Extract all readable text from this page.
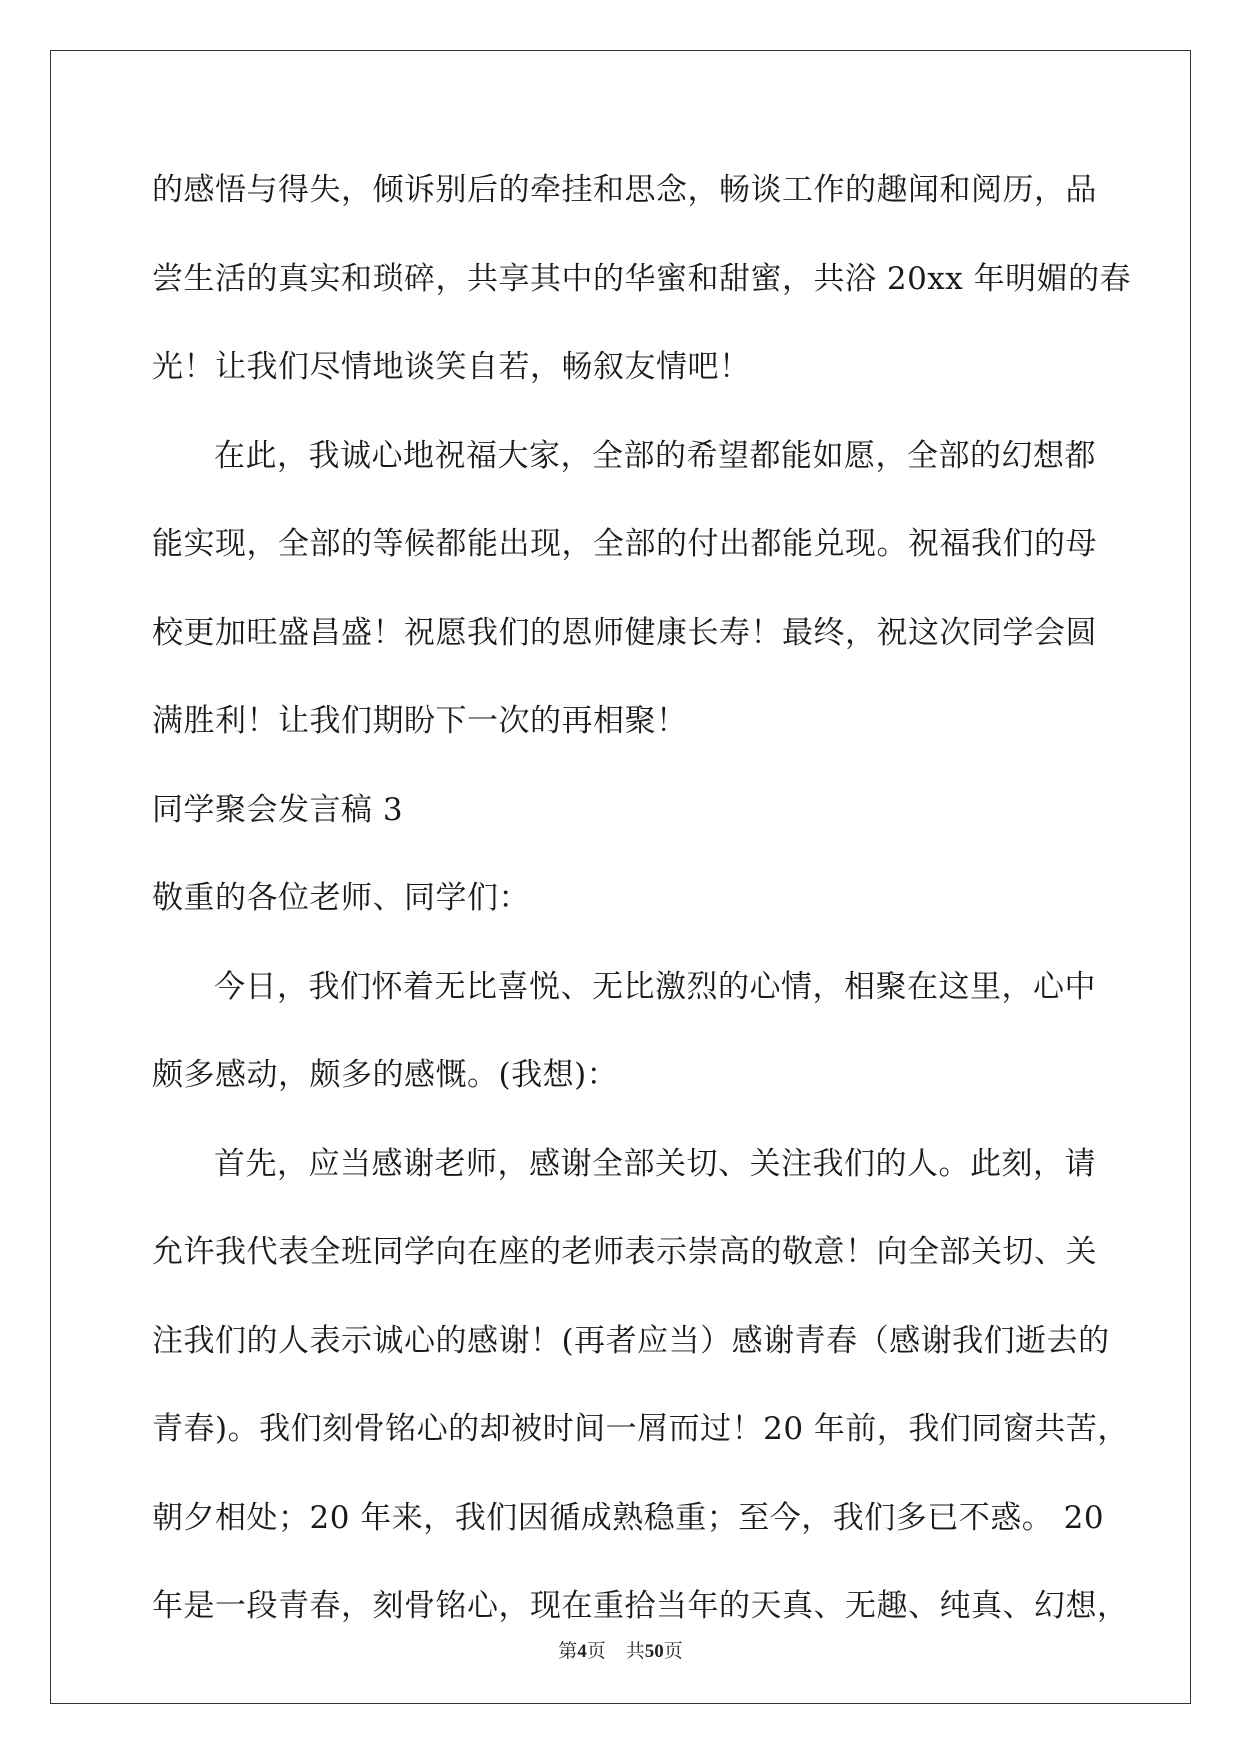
的感悟与得失，倾诉别后的牵挂和思念，畅谈工作的趣闻和阅历，品
尝生活的真实和琐碎，共享其中的华蜜和甜蜜，共浴 20xx 年明媚的春
光！让我们尽情地谈笑自若，畅叙友情吧！
在此，我诚心地祝福大家，全部的希望都能如愿，全部的幻想都
能实现，全部的等候都能出现，全部的付出都能兑现。祝福我们的母
校更加旺盛昌盛！祝愿我们的恩师健康长寿！最终，祝这次同学会圆
满胜利！让我们期盼下一次的再相聚！
同学聚会发言稿 3
敬重的各位老师、同学们：
今日，我们怀着无比喜悦、无比激烈的心情，相聚在这里，心中
颇多感动，颇多的感慨。(我想)：
首先，应当感谢老师，感谢全部关切、关注我们的人。此刻，请
允许我代表全班同学向在座的老师表示崇高的敬意！向全部关切、关
注我们的人表示诚心的感谢！(再者应当）感谢青春（感谢我们逝去的
青春)。我们刻骨铭心的却被时间一屑而过！20 年前，我们同窗共苦，
朝夕相处；20 年来，我们因循成熟稳重；至今，我们多已不惑。 20
年是一段青春，刻骨铭心，现在重拾当年的天真、无趣、纯真、幻想，
第4页 共50页
